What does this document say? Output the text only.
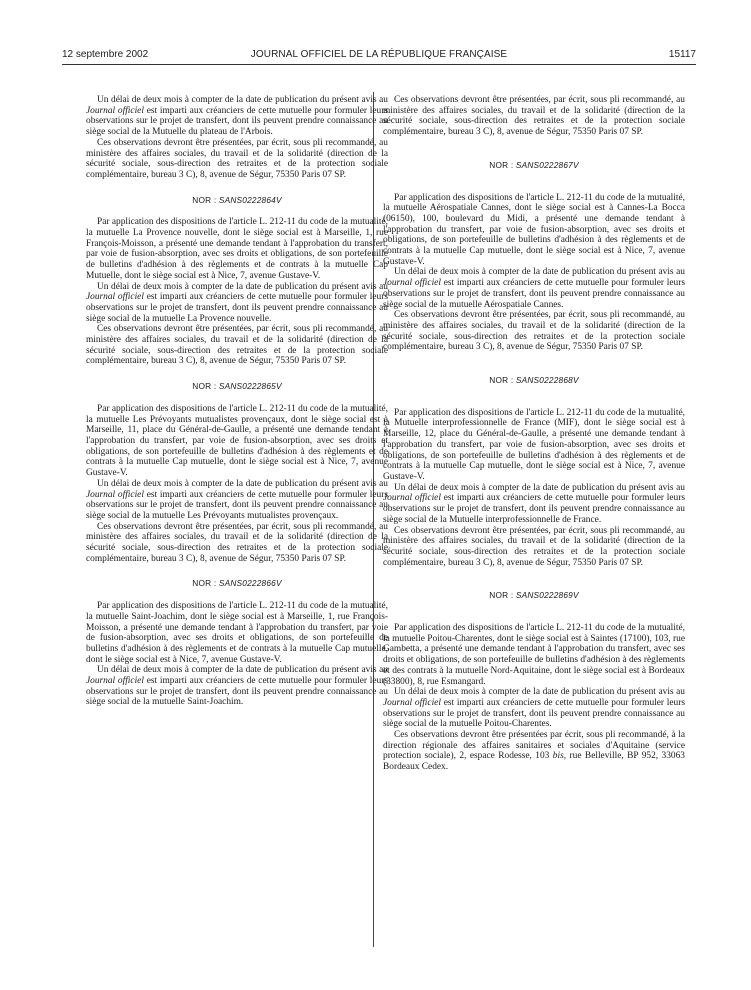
12 septembre 2002	JOURNAL OFFICIEL DE LA RÉPUBLIQUE FRANÇAISE	15117

Un délai de deux mois à compter de la date de publication du présent avis au Journal officiel est imparti aux créanciers de cette mutuelle pour formuler leurs observations sur le projet de transfert, dont ils peuvent prendre connaissance au siège social de la Mutuelle du plateau de l'Arbois.

Ces observations devront être présentées, par écrit, sous pli recommandé, au ministère des affaires sociales, du travail et de la solidarité (direction de la sécurité sociale, sous-direction des retraites et de la protection sociale complémentaire, bureau 3 C), 8, avenue de Ségur, 75350 Paris 07 SP.

NOR : SANS0222864V

Par application des dispositions de l'article L. 212-11 du code de la mutualité, la mutuelle La Provence nouvelle, dont le siège social est à Marseille, 1, rue François-Moisson, a présenté une demande tendant à l'approbation du transfert, par voie de fusion-absorption, avec ses droits et obligations, de son portefeuille de bulletins d'adhésion à des règlements et de contrats à la mutuelle Cap Mutuelle, dont le siège social est à Nice, 7, avenue Gustave-V.

Un délai de deux mois à compter de la date de publication du présent avis au Journal officiel est imparti aux créanciers de cette mutuelle pour formuler leurs observations sur le projet de transfert, dont ils peuvent prendre connaissance au siège social de la mutuelle La Provence nouvelle.

Ces observations devront être présentées, par écrit, sous pli recommandé, au ministère des affaires sociales, du travail et de la solidarité (direction de la sécurité sociale, sous-direction des retraites et de la protection sociale complémentaire, bureau 3 C), 8, avenue de Ségur, 75350 Paris 07 SP.

NOR : SANS0222865V

Par application des dispositions de l'article L. 212-11 du code de la mutualité, la mutuelle Les Prévoyants mutualistes provençaux, dont le siège social est à Marseille, 11, place du Général-de-Gaulle, a présenté une demande tendant à l'approbation du transfert, par voie de fusion-absorption, avec ses droits et obligations, de son portefeuille de bulletins d'adhésion à des règlements et de contrats à la mutuelle Cap mutuelle, dont le siège social est à Nice, 7, avenue Gustave-V.

Un délai de deux mois à compter de la date de publication du présent avis au Journal officiel est imparti aux créanciers de cette mutuelle pour formuler leurs observations sur le projet de transfert, dont ils peuvent prendre connaissance au siège social de la mutuelle Les Prévoyants mutualistes provençaux.

Ces observations devront être présentées, par écrit, sous pli recommandé, au ministère des affaires sociales, du travail et de la solidarité (direction de la sécurité sociale, sous-direction des retraites et de la protection sociale complémentaire, bureau 3 C), 8, avenue de Ségur, 75350 Paris 07 SP.

NOR : SANS0222866V

Par application des dispositions de l'article L. 212-11 du code de la mutualité, la mutuelle Saint-Joachim, dont le siège social est à Marseille, 1, rue François-Moisson, a présenté une demande tendant à l'approbation du transfert, par voie de fusion-absorption, avec ses droits et obligations, de son portefeuille de bulletins d'adhésion à des règlements et de contrats à la mutuelle Cap mutuelle, dont le siège social est à Nice, 7, avenue Gustave-V.

Un délai de deux mois à compter de la date de publication du présent avis au Journal officiel est imparti aux créanciers de cette mutuelle pour formuler leurs observations sur le projet de transfert, dont ils peuvent prendre connaissance au siège social de la mutuelle Saint-Joachim.

Ces observations devront être présentées, par écrit, sous pli recommandé, au ministère des affaires sociales, du travail et de la solidarité (direction de la sécurité sociale, sous-direction des retraites et de la protection sociale complémentaire, bureau 3 C), 8, avenue de Ségur, 75350 Paris 07 SP.

NOR : SANS0222867V

Par application des dispositions de l'article L. 212-11 du code de la mutualité, la mutuelle Aérospatiale Cannes, dont le siège social est à Cannes-La Bocca (06150), 100, boulevard du Midi, a présenté une demande tendant à l'approbation du transfert, par voie de fusion-absorption, avec ses droits et obligations, de son portefeuille de bulletins d'adhésion à des règlements et de contrats à la mutuelle Cap mutuelle, dont le siège social est à Nice, 7, avenue Gustave-V.

Un délai de deux mois à compter de la date de publication du présent avis au Journal officiel est imparti aux créanciers de cette mutuelle pour formuler leurs observations sur le projet de transfert, dont ils peuvent prendre connaissance au siège social de la mutuelle Aérospatiale Cannes.

Ces observations devront être présentées, par écrit, sous pli recommandé, au ministère des affaires sociales, du travail et de la solidarité (direction de la sécurité sociale, sous-direction des retraites et de la protection sociale complémentaire, bureau 3 C), 8, avenue de Ségur, 75350 Paris 07 SP.

NOR : SANS0222868V

Par application des dispositions de l'article L. 212-11 du code de la mutualité, la Mutuelle interprofessionnelle de France (MIF), dont le siège social est à Marseille, 12, place du Général-de-Gaulle, a présenté une demande tendant à l'approbation du transfert, par voie de fusion-absorption, avec ses droits et obligations, de son portefeuille de bulletins d'adhésion à des règlements et de contrats à la mutuelle Cap mutuelle, dont le siège social est à Nice, 7, avenue Gustave-V.

Un délai de deux mois à compter de la date de publication du présent avis au Journal officiel est imparti aux créanciers de cette mutuelle pour formuler leurs observations sur le projet de transfert, dont ils peuvent prendre connaissance au siège social de la Mutuelle interprofessionnelle de France.

Ces observations devront être présentées, par écrit, sous pli recommandé, au ministère des affaires sociales, du travail et de la solidarité (direction de la sécurité sociale, sous-direction des retraites et de la protection sociale complémentaire, bureau 3 C), 8, avenue de Ségur, 75350 Paris 07 SP.

NOR : SANS0222869V

Par application des dispositions de l'article L. 212-11 du code de la mutualité, la mutuelle Poitou-Charentes, dont le siège social est à Saintes (17100), 103, rue Gambetta, a présenté une demande tendant à l'approbation du transfert, avec ses droits et obligations, de son portefeuille de bulletins d'adhésion à des règlements et des contrats à la mutuelle Nord-Aquitaine, dont le siège social est à Bordeaux (33800), 8, rue Esmangard.

Un délai de deux mois à compter de la date de publication du présent avis au Journal officiel est imparti aux créanciers de cette mutuelle pour formuler leurs observations sur le projet de transfert, dont ils peuvent prendre connaissance au siège social de la mutuelle Poitou-Charentes.

Ces observations devront être présentées par écrit, sous pli recommandé, à la direction régionale des affaires sanitaires et sociales d'Aquitaine (service protection sociale), 2, espace Rodesse, 103 bis, rue Belleville, BP 952, 33063 Bordeaux Cedex.
